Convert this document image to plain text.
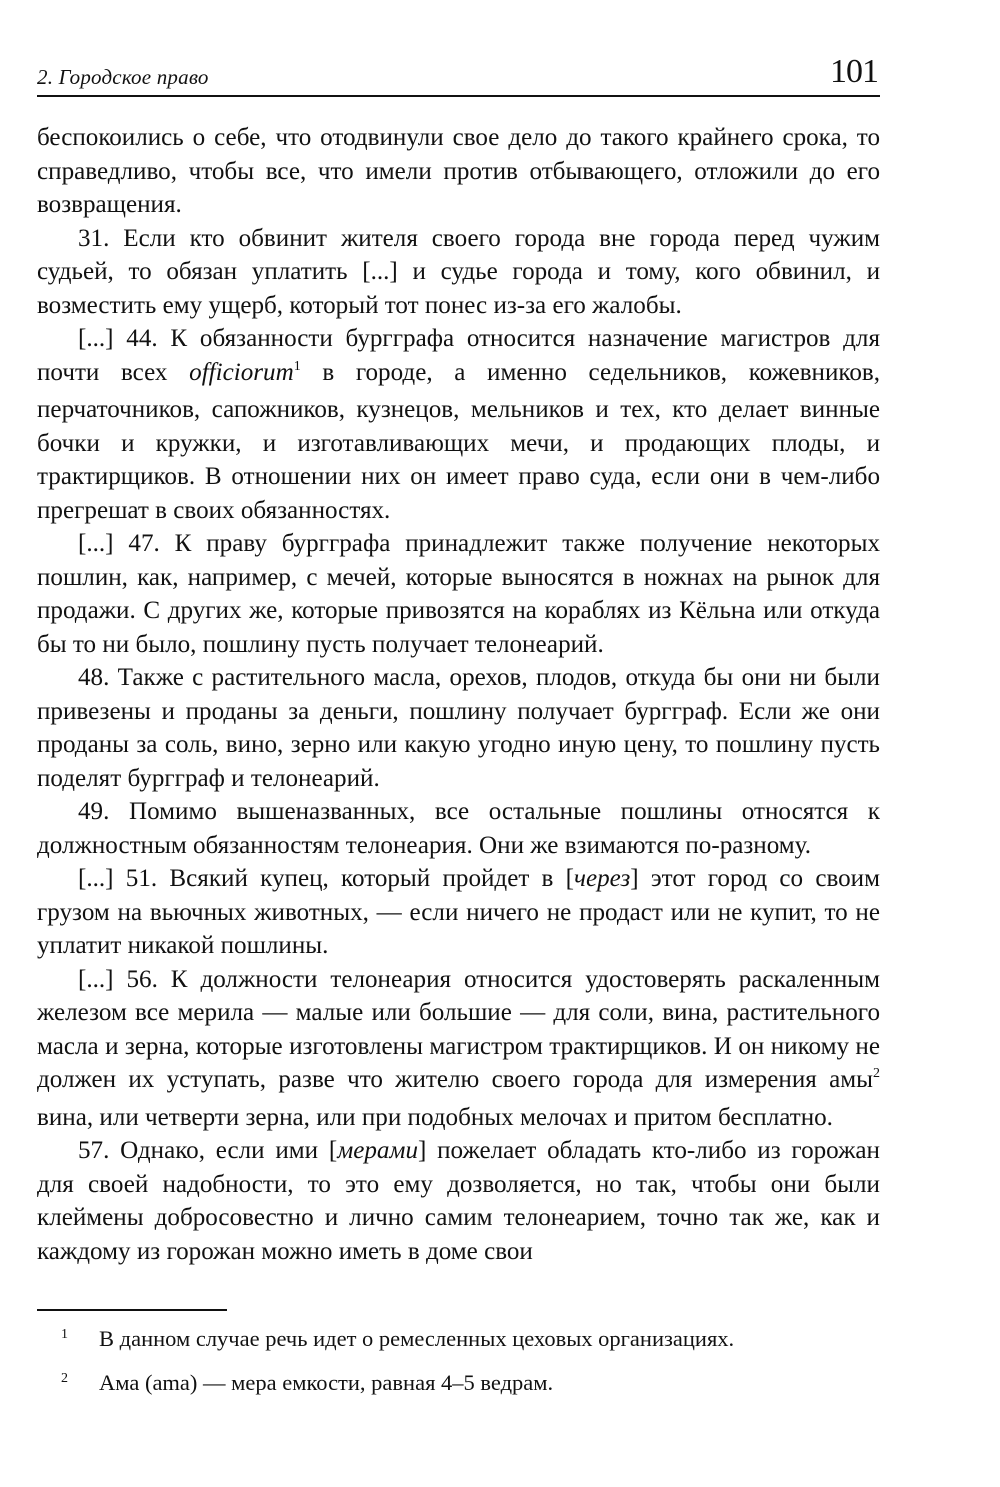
2. Городское право	101

беспокоились о себе, что отодвинули свое дело до такого крайнего срока, то справедливо, чтобы все, что имели против отбывающего, отложили до его возвращения.

31. Если кто обвинит жителя своего города вне города перед чужим судьей, то обязан уплатить [...] и судье города и тому, кого обвинил, и возместить ему ущерб, который тот понес из-за его жалобы.

[...] 44. К обязанности бургграфа относится назначение магистров для почти всех officiorum$^1$ в городе, а именно седельников, кожевников, перчаточников, сапожников, кузнецов, мельников и тех, кто делает винные бочки и кружки, и изготавливающих мечи, и продающих плоды, и трактирщиков. В отношении них он имеет право суда, если они в чем-либо прегрешат в своих обязанностях.

[...] 47. К праву бургграфа принадлежит также получение некоторых пошлин, как, например, с мечей, которые выносятся в ножнах на рынок для продажи. С других же, которые привозятся на кораблях из Кёльна или откуда бы то ни было, пошлину пусть получает телонеарий.

48. Также с растительного масла, орехов, плодов, откуда бы они ни были привезены и проданы за деньги, пошлину получает бургграф. Если же они проданы за соль, вино, зерно или какую угодно иную цену, то пошлину пусть поделят бургграф и телонеарий.

49. Помимо вышеназванных, все остальные пошлины относятся к должностным обязанностям телонеария. Они же взимаются по-разному.

[...] 51. Всякий купец, который пройдет в [через] этот город со своим грузом на вьючных животных, — если ничего не продаст или не купит, то не уплатит никакой пошлины.

[...] 56. К должности телонеария относится удостоверять раскаленным железом все мерила — малые или большие — для соли, вина, растительного масла и зерна, которые изготовлены магистром трактирщиков. И он никому не должен их уступать, разве что жителю своего города для измерения амы$^2$ вина, или четверти зерна, или при подобных мелочах и притом бесплатно.

57. Однако, если ими [мерами] пожелает обладать кто-либо из горожан для своей надобности, то это ему дозволяется, но так, чтобы они были клеймены добросовестно и лично самим телонеарием, точно так же, как и каждому из горожан можно иметь в доме свои

1	В данном случае речь идет о ремесленных цеховых организациях.
2	Ама (ama) — мера емкости, равная 4–5 ведрам.
